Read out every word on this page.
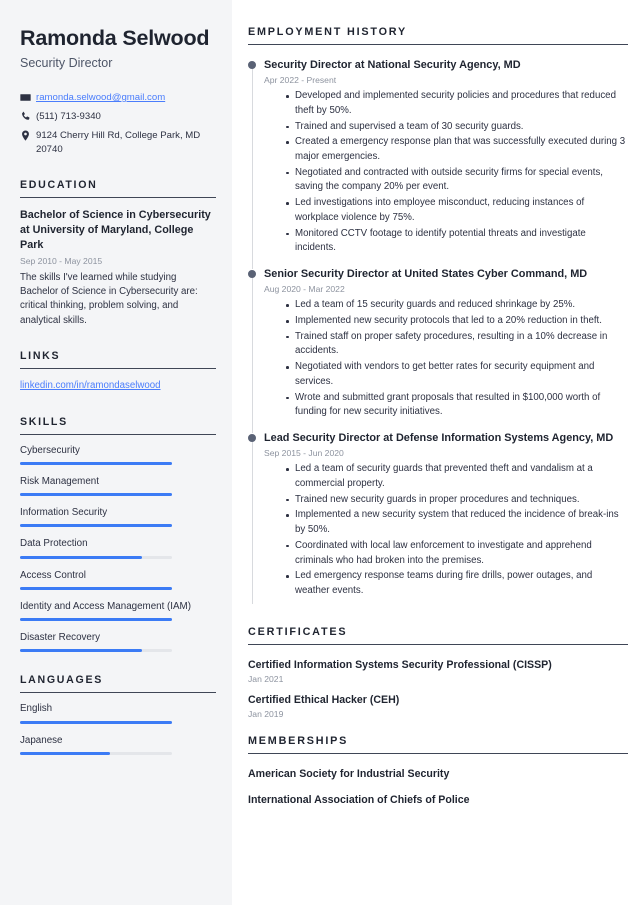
Ramonda Selwood
Security Director
ramonda.selwood@gmail.com
(511) 713-9340
9124 Cherry Hill Rd, College Park, MD 20740
EDUCATION
Bachelor of Science in Cybersecurity at University of Maryland, College Park
Sep 2010 - May 2015
The skills I've learned while studying Bachelor of Science in Cybersecurity are: critical thinking, problem solving, and analytical skills.
LINKS
linkedin.com/in/ramondaselwood
SKILLS
Cybersecurity
Risk Management
Information Security
Data Protection
Access Control
Identity and Access Management (IAM)
Disaster Recovery
LANGUAGES
English
Japanese
EMPLOYMENT HISTORY
Security Director at National Security Agency, MD
Apr 2022 - Present
Developed and implemented security policies and procedures that reduced theft by 50%.
Trained and supervised a team of 30 security guards.
Created a emergency response plan that was successfully executed during 3 major emergencies.
Negotiated and contracted with outside security firms for special events, saving the company 20% per event.
Led investigations into employee misconduct, reducing instances of workplace violence by 75%.
Monitored CCTV footage to identify potential threats and investigate incidents.
Senior Security Director at United States Cyber Command, MD
Aug 2020 - Mar 2022
Led a team of 15 security guards and reduced shrinkage by 25%.
Implemented new security protocols that led to a 20% reduction in theft.
Trained staff on proper safety procedures, resulting in a 10% decrease in accidents.
Negotiated with vendors to get better rates for security equipment and services.
Wrote and submitted grant proposals that resulted in $100,000 worth of funding for new security initiatives.
Lead Security Director at Defense Information Systems Agency, MD
Sep 2015 - Jun 2020
Led a team of security guards that prevented theft and vandalism at a commercial property.
Trained new security guards in proper procedures and techniques.
Implemented a new security system that reduced the incidence of break-ins by 50%.
Coordinated with local law enforcement to investigate and apprehend criminals who had broken into the premises.
Led emergency response teams during fire drills, power outages, and weather events.
CERTIFICATES
Certified Information Systems Security Professional (CISSP)
Jan 2021
Certified Ethical Hacker (CEH)
Jan 2019
MEMBERSHIPS
American Society for Industrial Security
International Association of Chiefs of Police
